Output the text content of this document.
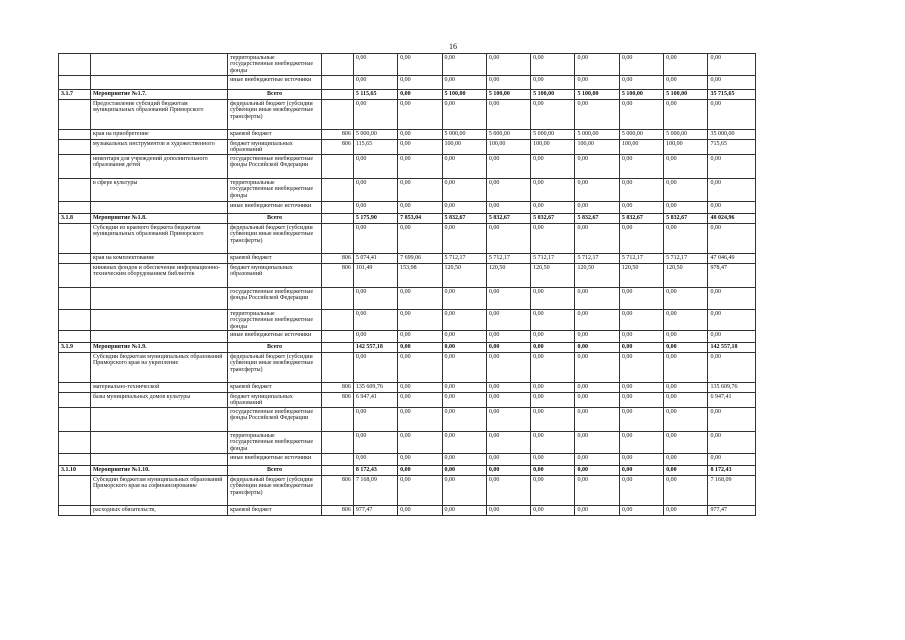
16
		территориальные государственные внебюджетные фонды		0,00	0,00	0,00	0,00	0,00	0,00	0,00	0,00	0,00
		иные внебюджетные источники		0,00	0,00	0,00	0,00	0,00	0,00	0,00	0,00	0,00
3.1.7	Мероприятие №1.7.	Всего		5 115,65	0,00	5 100,00	5 100,00	5 100,00	5 100,00	5 100,00	5 100,00	35 715,65
	Предоставление субсидий бюджетам муниципальных образований Приморского	федеральный бюджет (субсидии субвенции иные межбюджетные трансферты)		0,00	0,00	0,00	0,00	0,00	0,00	0,00	0,00	0,00
	края на приобретение	краевой бюджет	806	5 000,00	0,00	5 000,00	5 000,00	5 000,00	5 000,00	5 000,00	5 000,00	35 000,00
	музыкальных инструментов и художественного	бюджет муниципальных образований	806	115,65	0,00	100,00	100,00	100,00	100,00	100,00	100,00	715,65
	инвентаря для учреждений дополнительного образования детей	государственные внебюджетные фонды Российской Федерации		0,00	0,00	0,00	0,00	0,00	0,00	0,00	0,00	0,00
	в сфере культуры	территориальные государственные внебюджетные фонды		0,00	0,00	0,00	0,00	0,00	0,00	0,00	0,00	0,00
		иные внебюджетные источники		0,00	0,00	0,00	0,00	0,00	0,00	0,00	0,00	0,00
3.1.8	Мероприятие №1.8.	Всего		5 175,90	7 853,04	5 832,67	5 832,67	5 832,67	5 832,67	5 832,67	5 832,67	48 024,96
	Субсидии из краевого бюджета бюджетам муниципальных образований Приморского	федеральный бюджет (субсидии субвенции иные межбюджетные трансферты)		0,00	0,00	0,00	0,00	0,00	0,00	0,00	0,00	0,00
	края на комплектование	краевой бюджет	806	5 074,41	7 699,06	5 712,17	5 712,17	5 712,17	5 712,17	5 712,17	5 712,17	47 046,49
	книжных фондов и обеспечение информационно-техническим оборудованием библиотек	бюджет муниципальных образований	806	101,49	153,98	120,50	120,50	120,50	120,50	120,50	120,50	978,47
		государственные внебюджетные фонды Российской Федерации		0,00	0,00	0,00	0,00	0,00	0,00	0,00	0,00	0,00
		территориальные государственные внебюджетные фонды		0,00	0,00	0,00	0,00	0,00	0,00	0,00	0,00	0,00
		иные внебюджетные источники		0,00	0,00	0,00	0,00	0,00	0,00	0,00	0,00	0,00
3.1.9	Мероприятие №1.9.	Всего		142 557,18	0,00	0,00	0,00	0,00	0,00	0,00	0,00	142 557,18
	Субсидии бюджетам муниципальных образований Приморского края на укрепление	федеральный бюджет (субсидии субвенции иные межбюджетные трансферты)		0,00	0,00	0,00	0,00	0,00	0,00	0,00	0,00	0,00
	материально-технической	краевой бюджет	806	135 609,76	0,00	0,00	0,00	0,00	0,00	0,00	0,00	135 609,76
	базы муниципальных домов культуры	бюджет муниципальных образований	806	6 947,41	0,00	0,00	0,00	0,00	0,00	0,00	0,00	6 947,41
		государственные внебюджетные фонды Российской Федерации		0,00	0,00	0,00	0,00	0,00	0,00	0,00	0,00	0,00
		территориальные государственные внебюджетные фонды		0,00	0,00	0,00	0,00	0,00	0,00	0,00	0,00	0,00
		иные внебюджетные источники		0,00	0,00	0,00	0,00	0,00	0,00	0,00	0,00	0,00
3.1.10	Мероприятие №1.10.	Всего		8 172,43	0,00	0,00	0,00	0,00	0,00	0,00	0,00	8 172,43
	Субсидии бюджетам муниципальных образований Приморского края на софинансирование	федеральный бюджет (субсидии субвенции иные межбюджетные трансферты)	806	7 168,09	0,00	0,00	0,00	0,00	0,00	0,00	0,00	7 168,09
	расходных обязательств,	краевой бюджет	806	977,47	0,00	0,00	0,00	0,00	0,00	0,00	0,00	977,47
